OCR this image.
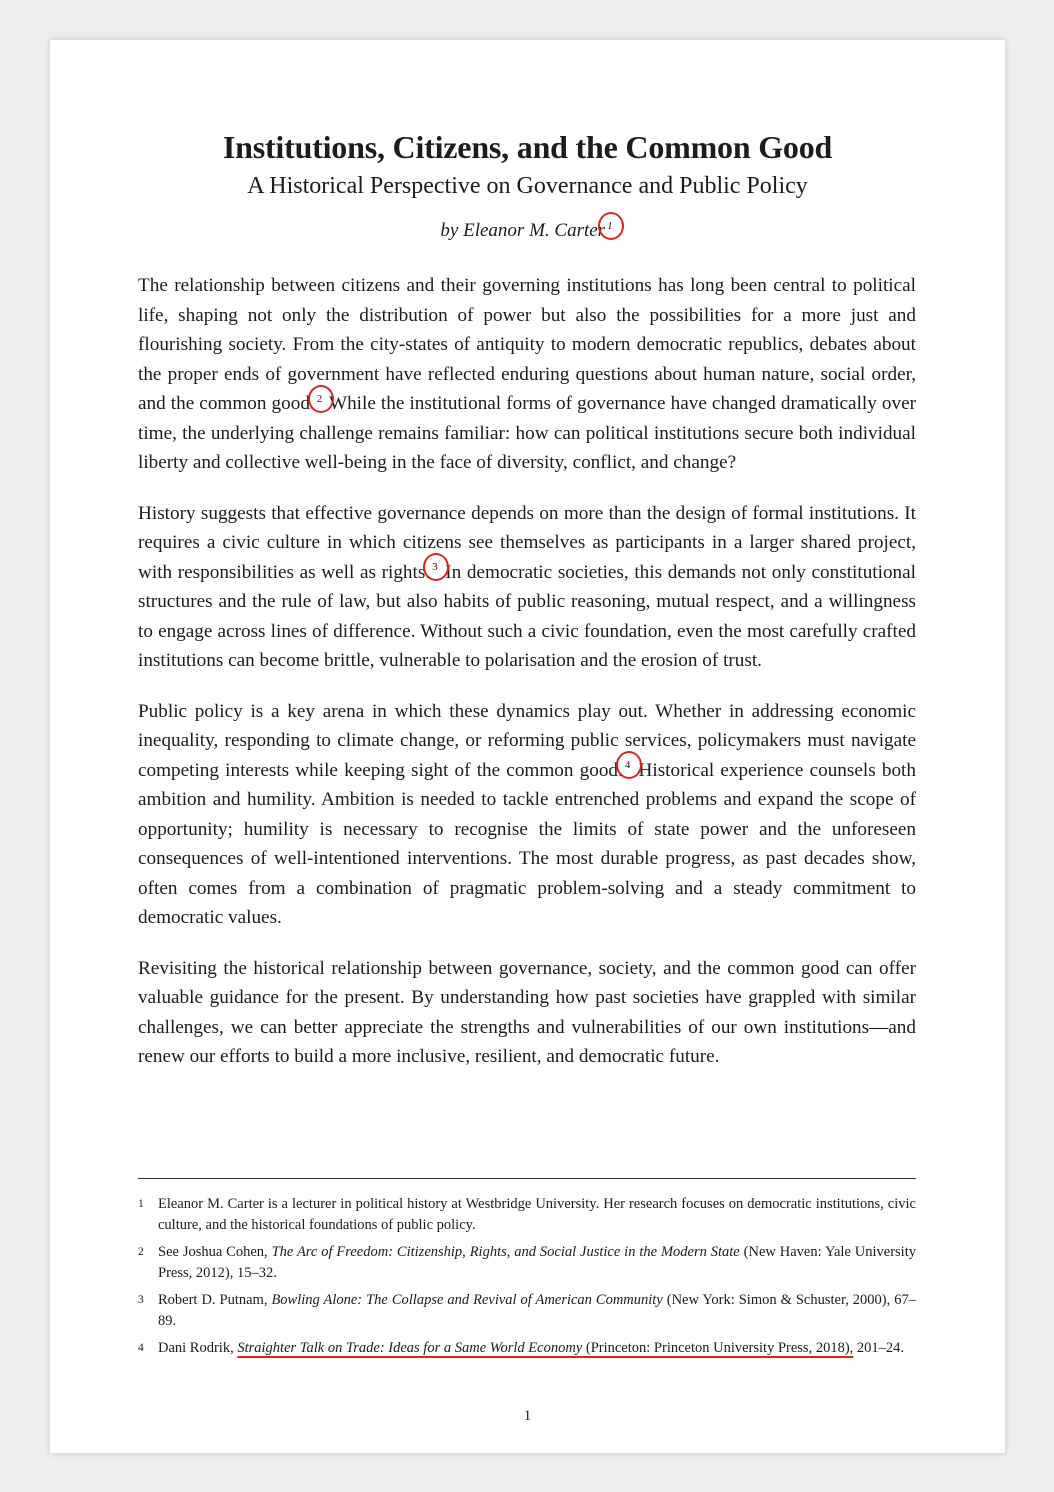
Institutions, Citizens, and the Common Good
A Historical Perspective on Governance and Public Policy
by Eleanor M. Carter 1

The relationship between citizens and their governing institutions has long been central to political life, shaping not only the distribution of power but also the possibilities for a more just and flourishing society. From the city-states of antiquity to modern democratic republics, debates about the proper ends of government have reflected enduring questions about human nature, social order, and the common good. 2 While the institutional forms of governance have changed dramatically over time, the underlying challenge remains familiar: how can political institutions secure both individual liberty and collective well-being in the face of diversity, conflict, and change?

History suggests that effective governance depends on more than the design of formal institutions. It requires a civic culture in which citizens see themselves as participants in a larger shared project, with responsibilities as well as rights. 3 In democratic societies, this demands not only constitutional structures and the rule of law, but also habits of public reasoning, mutual respect, and a willingness to engage across lines of difference. Without such a civic foundation, even the most carefully crafted institutions can become brittle, vulnerable to polarisation and the erosion of trust.

Public policy is a key arena in which these dynamics play out. Whether in addressing economic inequality, responding to climate change, or reforming public services, policymakers must navigate competing interests while keeping sight of the common good. 4 Historical experience counsels both ambition and humility. Ambition is needed to tackle entrenched problems and expand the scope of opportunity; humility is necessary to recognise the limits of state power and the unforeseen consequences of well-intentioned interventions. The most durable progress, as past decades show, often comes from a combination of pragmatic problem-solving and a steady commitment to democratic values.

Revisiting the historical relationship between governance, society, and the common good can offer valuable guidance for the present. By understanding how past societies have grappled with similar challenges, we can better appreciate the strengths and vulnerabilities of our own institutions—and renew our efforts to build a more inclusive, resilient, and democratic future.

1 Eleanor M. Carter is a lecturer in political history at Westbridge University. Her research focuses on democratic institutions, civic culture, and the historical foundations of public policy.
2 See Joshua Cohen, The Arc of Freedom: Citizenship, Rights, and Social Justice in the Modern State (New Haven: Yale University Press, 2012), 15–32.
3 Robert D. Putnam, Bowling Alone: The Collapse and Revival of American Community (New York: Simon & Schuster, 2000), 67–89.
4 Dani Rodrik, Straighter Talk on Trade: Ideas for a Same World Economy (Princeton: Princeton University Press, 2018), 201–24.
1
